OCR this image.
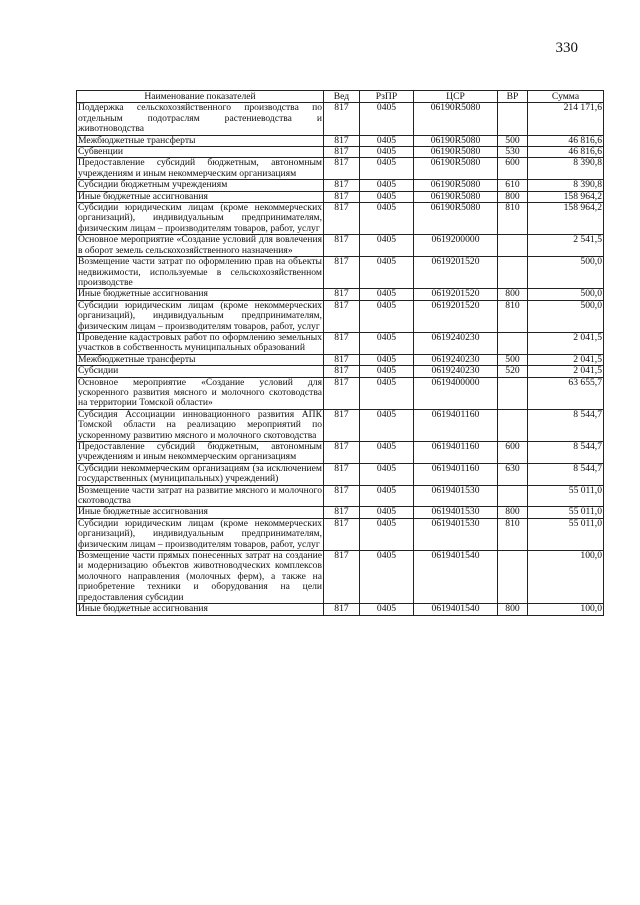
330
Наименование показателей	Вед	РзПР	ЦСР	ВР	Сумма
Поддержка сельскохозяйственного производства по отдельным подотраслям растениеводства и животноводства	817	0405	06190R5080		214 171,6
Межбюджетные трансферты	817	0405	06190R5080	500	46 816,6
Субвенции	817	0405	06190R5080	530	46 816,6
Предоставление субсидий бюджетным, автономным учреждениям и иным некоммерческим организациям	817	0405	06190R5080	600	8 390,8
Субсидии бюджетным учреждениям	817	0405	06190R5080	610	8 390,8
Иные бюджетные ассигнования	817	0405	06190R5080	800	158 964,2
Субсидии юридическим лицам (кроме некоммерческих организаций), индивидуальным предпринимателям, физическим лицам – производителям товаров, работ, услуг	817	0405	06190R5080	810	158 964,2
Основное мероприятие «Создание условий для вовлечения в оборот земель сельскохозяйственного назначения»	817	0405	0619200000		2 541,5
Возмещение части затрат по оформлению прав на объекты недвижимости, используемые в сельскохозяйственном производстве	817	0405	0619201520		500,0
Иные бюджетные ассигнования	817	0405	0619201520	800	500,0
Субсидии юридическим лицам (кроме некоммерческих организаций), индивидуальным предпринимателям, физическим лицам – производителям товаров, работ, услуг	817	0405	0619201520	810	500,0
Проведение кадастровых работ по оформлению земельных участков в собственность муниципальных образований	817	0405	0619240230		2 041,5
Межбюджетные трансферты	817	0405	0619240230	500	2 041,5
Субсидии	817	0405	0619240230	520	2 041,5
Основное мероприятие «Создание условий для ускоренного развития мясного и молочного скотоводства на территории Томской области»	817	0405	0619400000		63 655,7
Субсидия Ассоциации инновационного развития АПК Томской области на реализацию мероприятий по ускоренному развитию мясного и молочного скотоводства	817	0405	0619401160		8 544,7
Предоставление субсидий бюджетным, автономным учреждениям и иным некоммерческим организациям	817	0405	0619401160	600	8 544,7
Субсидии некоммерческим организациям (за исключением государственных (муниципальных) учреждений)	817	0405	0619401160	630	8 544,7
Возмещение части затрат на развитие мясного и молочного скотоводства	817	0405	0619401530		55 011,0
Иные бюджетные ассигнования	817	0405	0619401530	800	55 011,0
Субсидии юридическим лицам (кроме некоммерческих организаций), индивидуальным предпринимателям, физическим лицам – производителям товаров, работ, услуг	817	0405	0619401530	810	55 011,0
Возмещение части прямых понесенных затрат на создание и модернизацию объектов животноводческих комплексов молочного направления (молочных ферм), а также на приобретение техники и оборудования на цели предоставления субсидии	817	0405	0619401540		100,0
Иные бюджетные ассигнования	817	0405	0619401540	800	100,0
